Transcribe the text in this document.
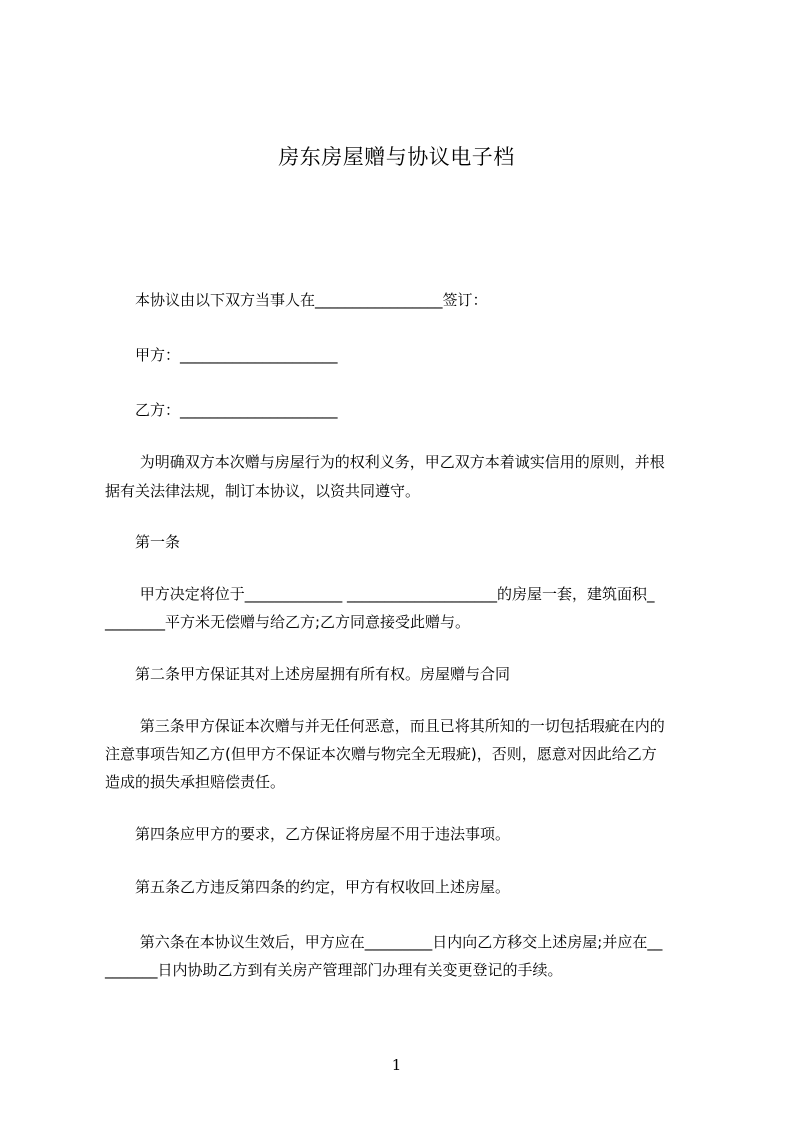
房东房屋赠与协议电子档
　　本协议由以下双方当事人在_________________签订：
　　甲方：_____________________
　　乙方：_____________________
　　 为明确双方本次赠与房屋行为的权利义务，甲乙双方本着诚实信用的原则，并根
据有关法律法规，制订本协议，以资共同遵守。
　　第一条
　　 甲方决定将位于_____________ ____________________的房屋一套，建筑面积_
________平方米无偿赠与给乙方;乙方同意接受此赠与。
　　第二条甲方保证其对上述房屋拥有所有权。房屋赠与合同
　　 第三条甲方保证本次赠与并无任何恶意，而且已将其所知的一切包括瑕疵在内的
注意事项告知乙方(但甲方不保证本次赠与物完全无瑕疵)，否则，愿意对因此给乙方
造成的损失承担赔偿责任。
　　第四条应甲方的要求，乙方保证将房屋不用于违法事项。
　　第五条乙方违反第四条的约定，甲方有权收回上述房屋。
　　 第六条在本协议生效后，甲方应在_________日内向乙方移交上述房屋;并应在__
_______日内协助乙方到有关房产管理部门办理有关变更登记的手续。
1
